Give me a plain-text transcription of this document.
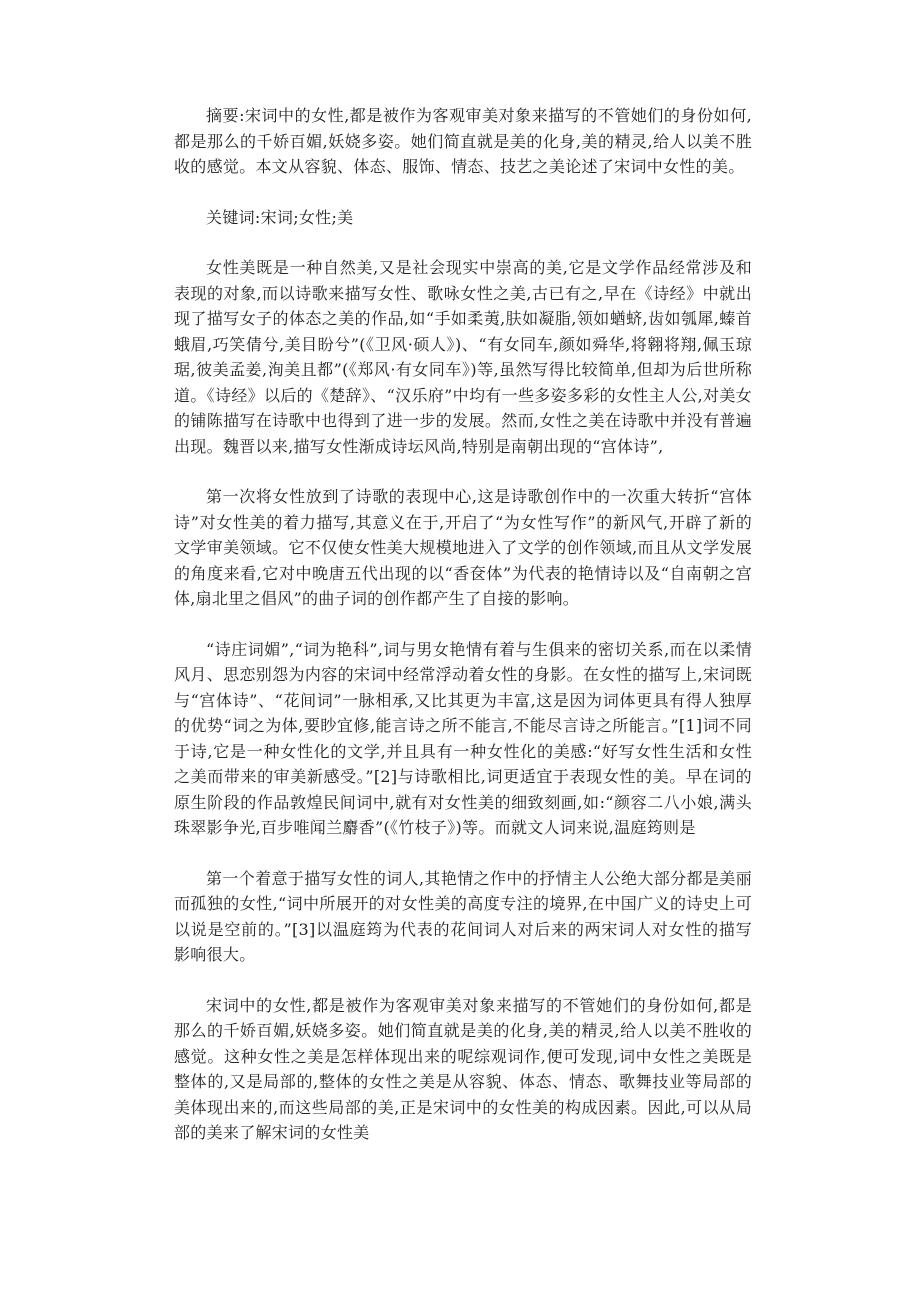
摘要:宋词中的女性,都是被作为客观审美对象来描写的不管她们的身份如何,都是那么的千娇百媚,妖娆多姿。她们简直就是美的化身,美的精灵,给人以美不胜收的感觉。本文从容貌、体态、服饰、情态、技艺之美论述了宋词中女性的美。

关键词:宋词;女性;美

女性美既是一种自然美,又是社会现实中崇高的美,它是文学作品经常涉及和表现的对象,而以诗歌来描写女性、歌咏女性之美,古已有之,早在《诗经》中就出现了描写女子的体态之美的作品,如“手如柔荑,肤如凝脂,领如蝤蛴,齿如瓠犀,螓首蛾眉,巧笑倩兮,美目盼兮”(《卫风·硕人》)、“有女同车,颜如舜华,将翱将翔,佩玉琼琚,彼美孟姜,洵美且都”(《郑风·有女同车》)等,虽然写得比较简单,但却为后世所称道。《诗经》以后的《楚辞》、“汉乐府”中均有一些多姿多彩的女性主人公,对美女的铺陈描写在诗歌中也得到了进一步的发展。然而,女性之美在诗歌中并没有普遍出现。魏晋以来,描写女性渐成诗坛风尚,特别是南朝出现的“宫体诗”,

第一次将女性放到了诗歌的表现中心,这是诗歌创作中的一次重大转折“宫体诗”对女性美的着力描写,其意义在于,开启了“为女性写作”的新风气,开辟了新的文学审美领域。它不仅使女性美大规模地进入了文学的创作领域,而且从文学发展的角度来看,它对中晚唐五代出现的以“香奁体”为代表的艳情诗以及“自南朝之宫体,扇北里之倡风”的曲子词的创作都产生了自接的影响。

“诗庄词媚”,“词为艳科”,词与男女艳情有着与生俱来的密切关系,而在以柔情风月、思恋别怨为内容的宋词中经常浮动着女性的身影。在女性的描写上,宋词既与“宫体诗”、“花间词”一脉相承,又比其更为丰富,这是因为词体更具有得人独厚的优势“词之为体,要眇宜修,能言诗之所不能言,不能尽言诗之所能言。”[1]词不同于诗,它是一种女性化的文学,并且具有一种女性化的美感:“好写女性生活和女性之美而带来的审美新感受。”[2]与诗歌相比,词更适宜于表现女性的美。早在词的原生阶段的作品敦煌民间词中,就有对女性美的细致刻画,如:“颜容二八小娘,满头珠翠影争光,百步唯闻兰麝香”(《竹枝子》)等。而就文人词来说,温庭筠则是

第一个着意于描写女性的词人,其艳情之作中的抒情主人公绝大部分都是美丽而孤独的女性,“词中所展开的对女性美的高度专注的境界,在中国广义的诗史上可以说是空前的。”[3]以温庭筠为代表的花间词人对后来的两宋词人对女性的描写影响很大。

宋词中的女性,都是被作为客观审美对象来描写的不管她们的身份如何,都是那么的千娇百媚,妖娆多姿。她们简直就是美的化身,美的精灵,给人以美不胜收的感觉。这种女性之美是怎样体现出来的呢综观词作,便可发现,词中女性之美既是整体的,又是局部的,整体的女性之美是从容貌、体态、情态、歌舞技业等局部的美体现出来的,而这些局部的美,正是宋词中的女性美的构成因素。因此,可以从局部的美来了解宋词的女性美
